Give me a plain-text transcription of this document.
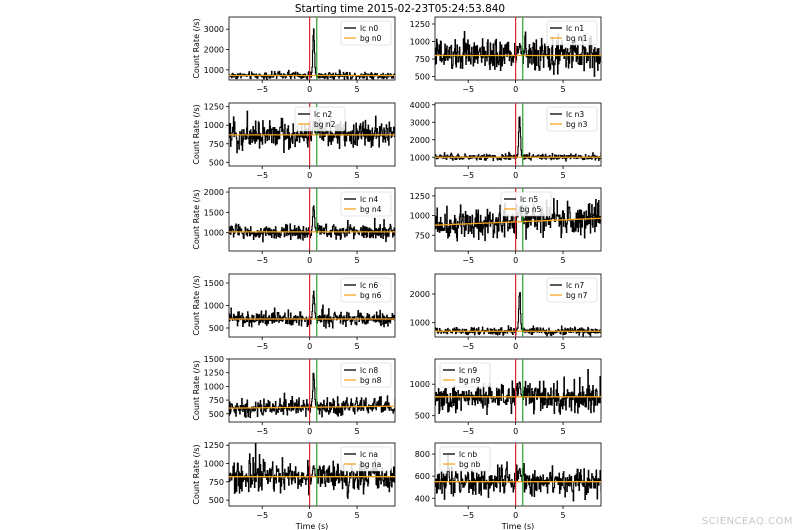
Starting time 2015-02-23T05:24:53.840
1000
2000
3000
−5	0	5
Count Rate (/s)	lc n0
bg n0
500
750
1000
1250
−5	0	5
lc n1
bg n1
500
750
1000
1250
−5	0	5
Count Rate (/s)	lc n2
bg n2
1000
2000
3000
4000
−5	0	5
lc n3
bg n3
1000
1500
2000
−5	0	5
Count Rate (/s)	lc n4
bg n4
750
1000
1250
−5	0	5
lc n5
bg n5
500
1000
1500
−5	0	5
Count Rate (/s)	lc n6
bg n6
1000
2000
−5	0	5
lc n7
bg n7
500
750
1000
1250
1500
−5	0	5
Count Rate (/s)	lc n8
bg n8
500
1000
−5	0	5
lc n9
bg n9
500
750
1000
1250
−5	0	5
Count Rate (/s)
Time (s)
lc na
bg na
400
600
800
−5	0	5
Time (s)
lc nb
bg nb
SCIENCEAQ.COM
